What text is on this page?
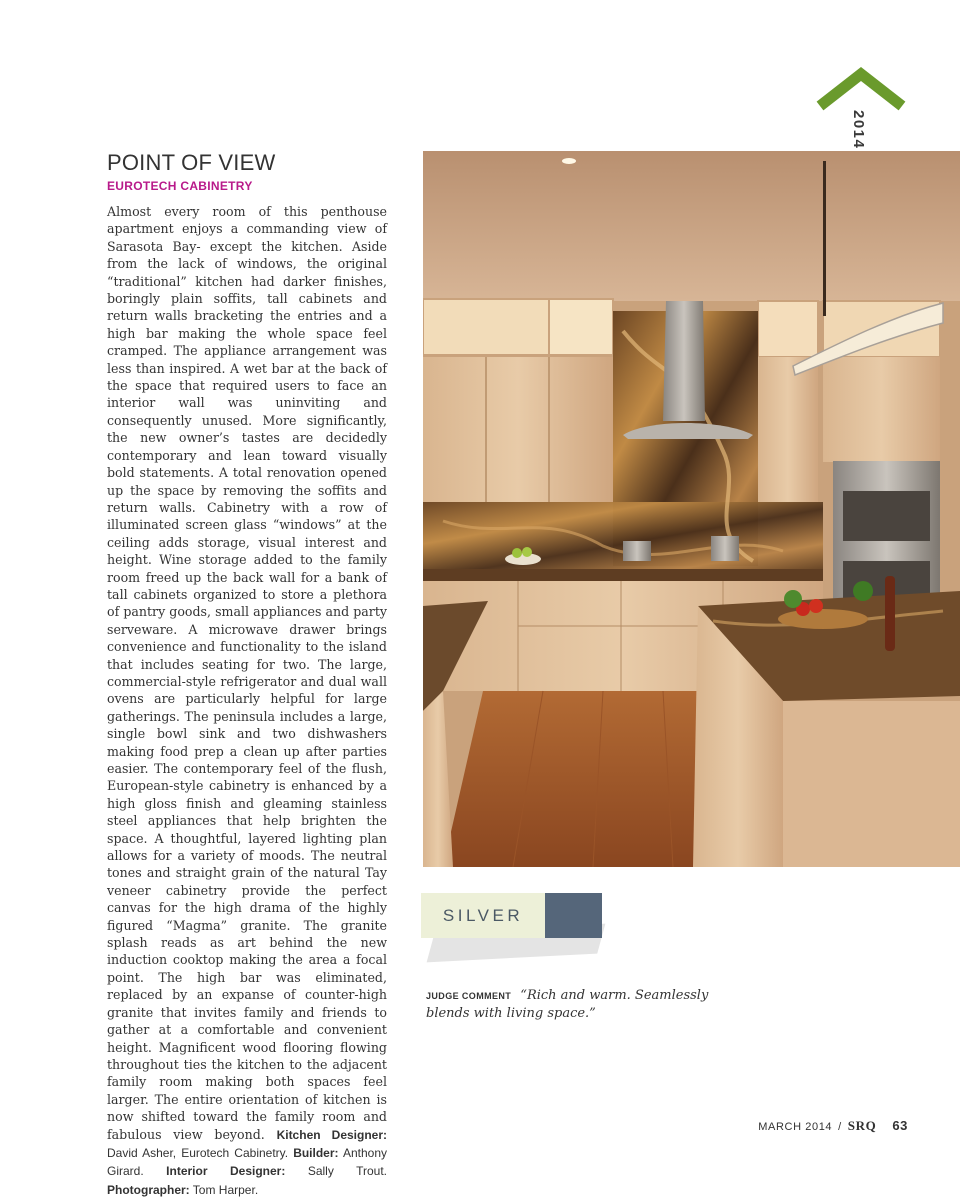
2014
POINT OF VIEW
EUROTECH CABINETRY

Almost every room of this penthouse apartment enjoys a commanding view of Sarasota Bay- except the kitchen. Aside from the lack of windows, the original “traditional” kitchen had darker finishes, boringly plain soffits, tall cabinets and return walls bracketing the entries and a high bar making the whole space feel cramped. The appliance arrangement was less than inspired. A wet bar at the back of the space that required users to face an interior wall was uninviting and consequently unused. More significantly, the new owner’s tastes are decidedly contemporary and lean toward visually bold statements. A total renovation opened up the space by removing the soffits and return walls. Cabinetry with a row of illuminated screen glass “windows” at the ceiling adds storage, visual interest and height. Wine storage added to the family room freed up the back wall for a bank of tall cabinets organized to store a plethora of pantry goods, small appliances and party serveware. A microwave drawer brings convenience and functionality to the island that includes seating for two. The large, commercial-style refrigerator and dual wall ovens are particularly helpful for large gatherings. The peninsula includes a large, single bowl sink and two dishwashers making food prep a clean up after parties easier. The contemporary feel of the flush, European-style cabinetry is enhanced by a high gloss finish and gleaming stainless steel appliances that help brighten the space. A thoughtful, layered lighting plan allows for a variety of moods. The neutral tones and straight grain of the natural Tay veneer cabinetry provide the perfect canvas for the high drama of the highly figured “Magma” granite. The granite splash reads as art behind the new induction cooktop making the area a focal point. The high bar was eliminated, replaced by an expanse of counter-high granite that invites family and friends to gather at a comfortable and convenient height. Magnificent wood flooring flowing throughout ties the kitchen to the adjacent family room making both spaces feel larger. The entire orientation of kitchen is now shifted toward the family room and fabulous view beyond. Kitchen Designer: David Asher, Eurotech Cabinetry. Builder: Anthony Girard. Interior Designer: Sally Trout. Photographer: Tom Harper.

SILVER
JUDGE COMMENT “Rich and warm. Seamlessly blends with living space.”
MARCH 2014 / SRQ 63
